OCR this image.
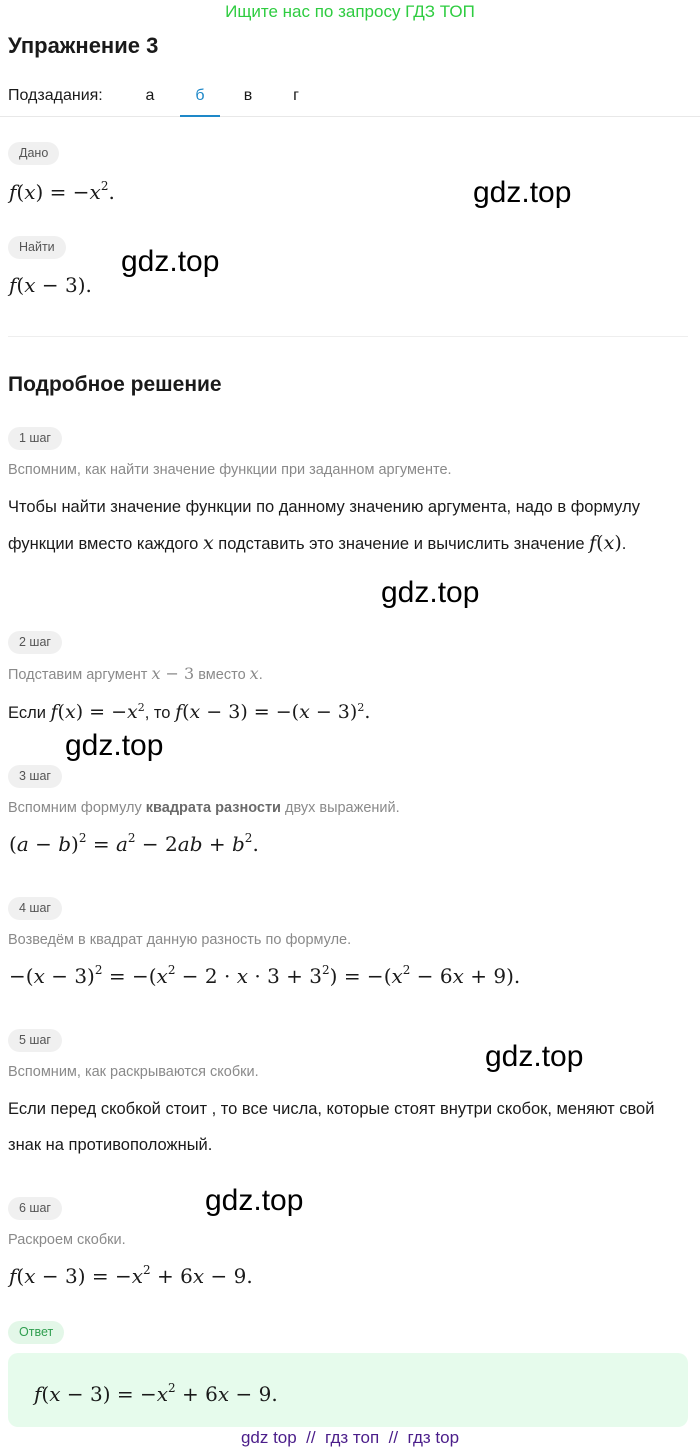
Ищите нас по запросу ГДЗ ТОП
Упражнение 3
Подзадания:	а	б	в	г
Дано
$f(x) = -x^2$.
Найти
f(x − 3).
Подробное решение
1 шаг
Вспомним, как найти значение функции при заданном аргументе.
Чтобы найти значение функции по данному значению аргумента, надо в формулу функции вместо каждого x подставить это значение и вычислить значение f(x).
2 шаг
Подставим аргумент x − 3 вместо x.
Если $f(x) = -x^2$, то $f(x - 3) = -(x - 3)^2$.
3 шаг
Вспомним формулу квадрата разности двух выражений.
$(a - b)^2 = a^2 - 2ab + b^2$.
4 шаг
Возведём в квадрат данную разность по формуле.
$-(x - 3)^2 = -(x^2 - 2 \cdot x \cdot 3 + 3^2) = -(x^2 - 6x + 9)$.
5 шаг
Вспомним, как раскрываются скобки.
Если перед скобкой стоит , то все числа, которые стоят внутри скобок, меняют свой знак на противоположный.
6 шаг
Раскроем скобки.
$f(x - 3) = -x^2 + 6x - 9$.
Ответ
$f(x - 3) = -x^2 + 6x - 9$.
gdz.top
gdz.top
gdz.top
gdz.top
gdz.top
gdz.top
gdz top  //  гдз топ  //  гдз top
